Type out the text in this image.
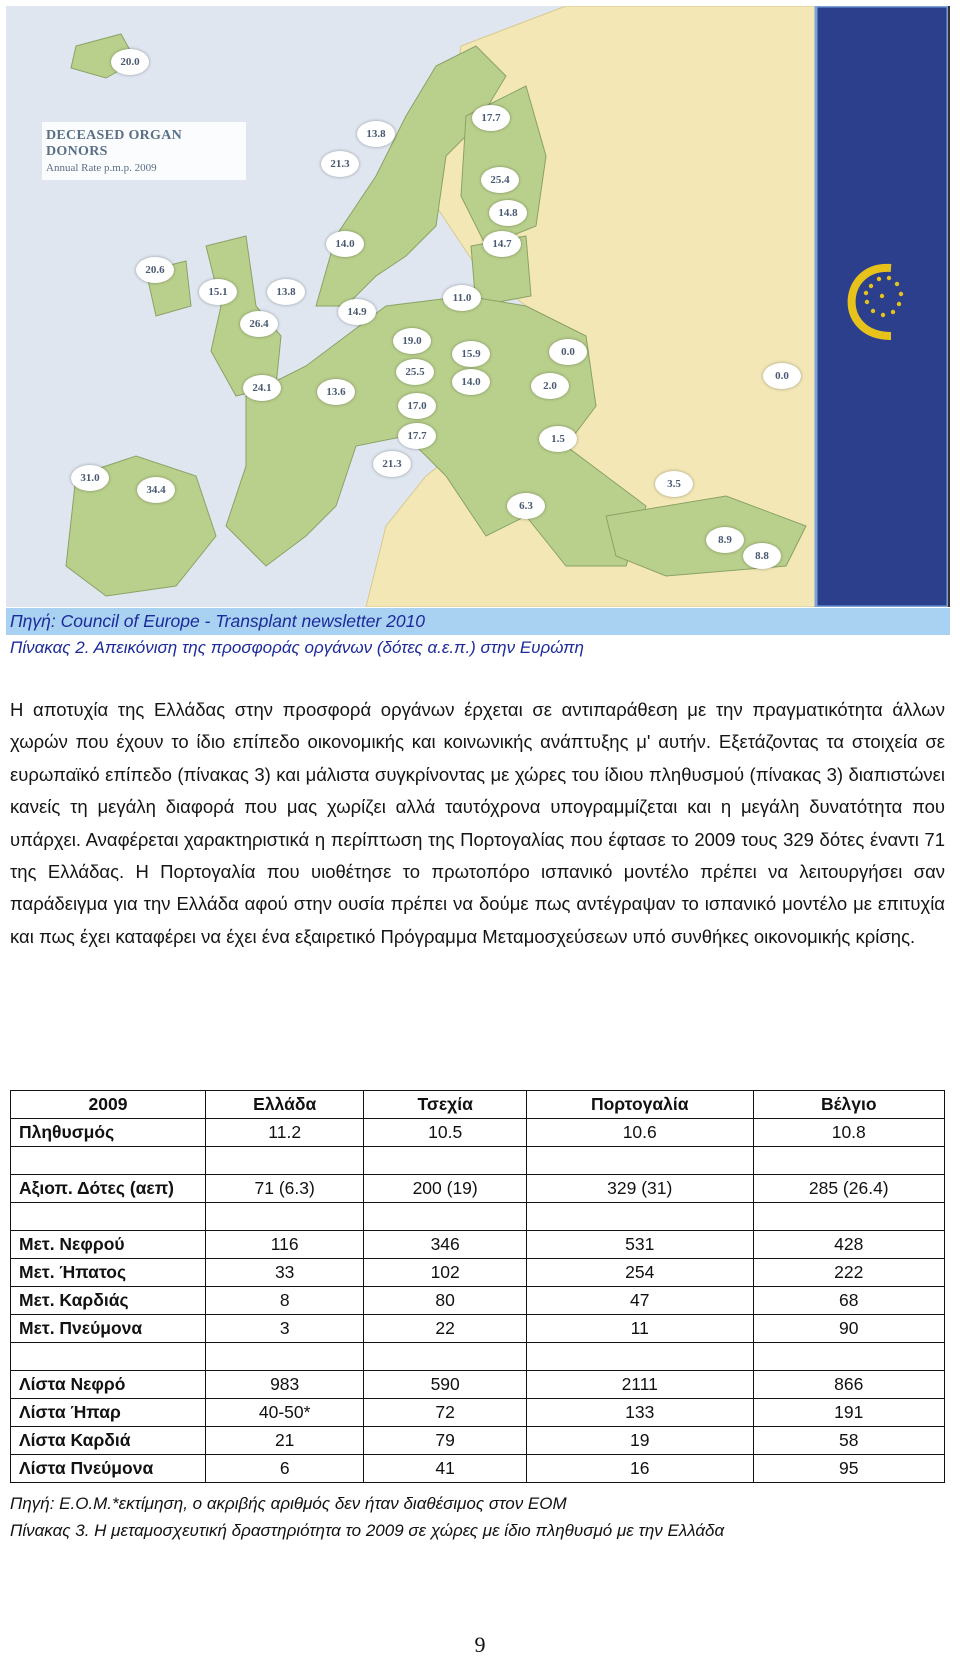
DECEASED ORGAN DONORS
Annual Rate p.m.p. 2009
20.0
17.7
13.8
21.3
25.4
14.8
14.7
14.0
20.6
15.1	13.8
26.4
14.9
11.0
19.0
15.9	0.0
25.5
14.0	2.0
0.0
24.1	13.6
17.0
17.7	1.5
21.3
31.0
34.4	3.5
6.3
8.9
8.8
Πηγή: Council of Europe - Transplant newsletter 2010
Πίνακας 2. Απεικόνιση της προσφοράς οργάνων (δότες α.ε.π.) στην Ευρώπη
Η αποτυχία της Ελλάδας στην προσφορά οργάνων έρχεται σε αντιπαράθεση με την πραγματικότητα άλλων χωρών που έχουν το ίδιο επίπεδο οικονομικής και κοινωνικής ανάπτυξης μ' αυτήν. Εξετάζοντας τα στοιχεία σε ευρωπαϊκό επίπεδο (πίνακας 3) και μάλιστα συγκρίνοντας με χώρες του ίδιου πληθυσμού (πίνακας 3) διαπιστώνει κανείς τη μεγάλη διαφορά που μας χωρίζει αλλά ταυτόχρονα υπογραμμίζεται και η μεγάλη δυνατότητα που υπάρχει. Αναφέρεται χαρακτηριστικά η περίπτωση της Πορτογαλίας που έφτασε το 2009 τους 329 δότες έναντι 71 της Ελλάδας. Η Πορτογαλία που υιοθέτησε το πρωτοπόρο ισπανικό μοντέλο πρέπει να λειτουργήσει σαν παράδειγμα για την Ελλάδα αφού στην ουσία πρέπει να δούμε πως αντέγραψαν το ισπανικό μοντέλο με επιτυχία και πως έχει καταφέρει να έχει ένα εξαιρετικό Πρόγραμμα Μεταμοσχεύσεων υπό συνθήκες οικονομικής κρίσης.
2009	Ελλάδα	Τσεχία	Πορτογαλία	Βέλγιο
Πληθυσμός	11.2	10.5	10.6	10.8

Αξιοπ. Δότες (αεπ)	71 (6.3)	200 (19)	329 (31)	285 (26.4)

Μετ. Νεφρού	116	346	531	428
Μετ. Ήπατος	33	102	254	222
Μετ. Καρδιάς	8	80	47	68
Μετ. Πνεύμονα	3	22	11	90

Λίστα Νεφρό	983	590	2111	866
Λίστα Ήπαρ	40-50*	72	133	191
Λίστα Καρδιά	21	79	19	58
Λίστα Πνεύμονα	6	41	16	95
Πηγή: Ε.Ο.Μ.*εκτίμηση, ο ακριβής αριθμός δεν ήταν διαθέσιμος στον ΕΟΜ
Πίνακας 3. Η μεταμοσχευτική δραστηριότητα το 2009 σε χώρες με ίδιο πληθυσμό με την Ελλάδα
9
